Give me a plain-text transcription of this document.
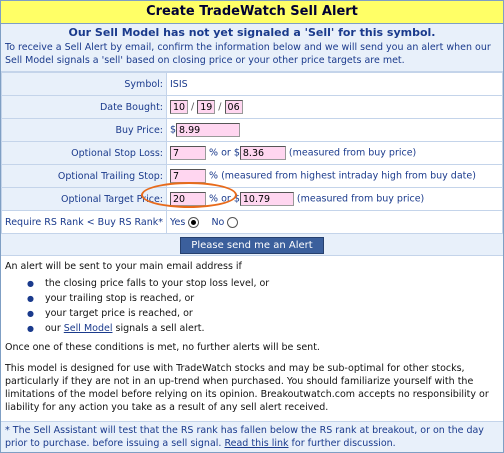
Create TradeWatch Sell Alert
Our Sell Model has not yet signaled a 'Sell' for this symbol.
To receive a Sell Alert by email, confirm the information below and we will send you an alert when our Sell Model signals a 'sell' based on closing price or your other price targets are met.
Symbol:	ISIS
Date Bought:	10 / 19 / 06
Buy Price:	$ 8.99
Optional Stop Loss:	7 % or $ 8.36 (measured from buy price)
Optional Trailing Stop:	7 % (measured from highest intraday high from buy date)
Optional Target Price:	20 % or $ 10.79 (measured from buy price)
Require RS Rank < Buy RS Rank*	Yes No
Please send me an Alert
An alert will be sent to your main email address if
● the closing price falls to your stop loss level, or
● your trailing stop is reached, or
● your target price is reached, or
● our Sell Model signals a sell alert.
Once one of these conditions is met, no further alerts will be sent.
This model is designed for use with TradeWatch stocks and may be sub-optimal for other stocks, particularly if they are not in an up-trend when purchased. You should familiarize yourself with the limitations of the model before relying on its opinion. Breakoutwatch.com accepts no responsibility or liability for any action you take as a result of any sell alert received.
* The Sell Assistant will test that the RS rank has fallen below the RS rank at breakout, or on the day prior to purchase. before issuing a sell signal. Read this link for further discussion.
